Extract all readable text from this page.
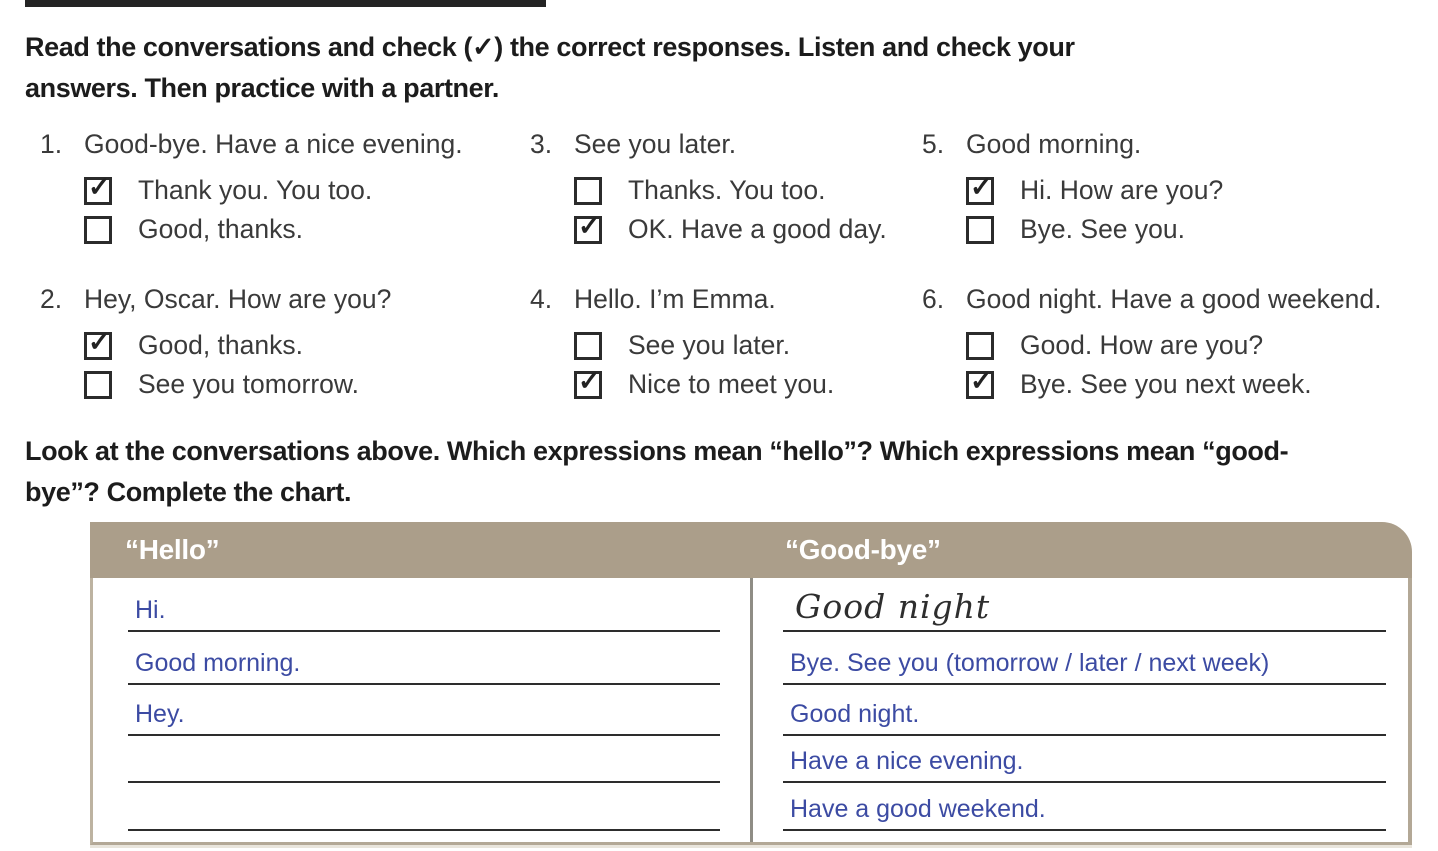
Read the conversations and check (✓) the correct responses. Listen and check your answers. Then practice with a partner.

1. Good-bye. Have a nice evening.
✓ Thank you. You too.
Good, thanks.
2. Hey, Oscar. How are you?
✓ Good, thanks.
See you tomorrow.
3. See you later.
Thanks. You too.
✓ OK. Have a good day.
4. Hello. I’m Emma.
See you later.
✓ Nice to meet you.
5. Good morning.
✓ Hi. How are you?
Bye. See you.
6. Good night. Have a good weekend.
Good. How are you?
✓ Bye. See you next week.

Look at the conversations above. Which expressions mean “hello”? Which expressions mean “good-bye”? Complete the chart.

“Hello”	“Good-bye”
Hi.
Good morning.
Hey.
Good night
Bye. See you (tomorrow / later / next week)
Good night.
Have a nice evening.
Have a good weekend.
